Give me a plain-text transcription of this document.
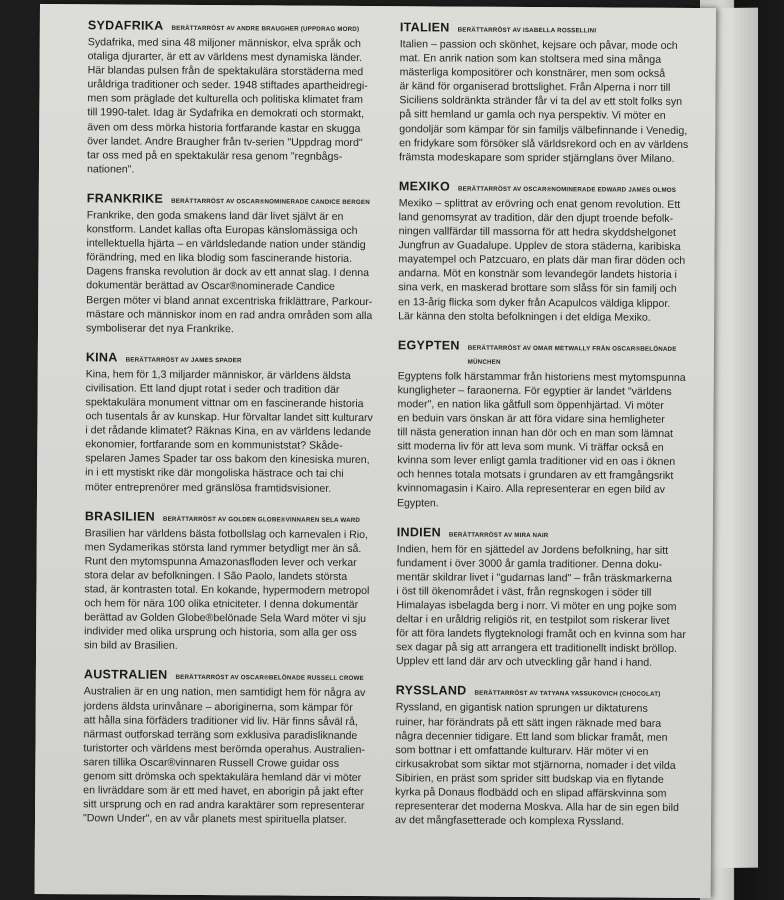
SYDAFRIKA BERÄTTARRÖST AV ANDRE BRAUGHER (UPPDRAG MORD)

Sydafrika, med sina 48 miljoner människor, elva språk och
otaliga djurarter, är ett av världens mest dynamiska länder.
Här blandas pulsen från de spektakulära storstäderna med
uråldriga traditioner och seder. 1948 stiftades apartheidregi-
men som präglade det kulturella och politiska klimatet fram
till 1990-talet. Idag är Sydafrika en demokrati och stormakt,
även om dess mörka historia fortfarande kastar en skugga
över landet. Andre Braugher från tv-serien "Uppdrag mord"
tar oss med på en spektakulär resa genom "regnbågs-
nationen".

FRANKRIKE BERÄTTARRÖST AV OSCAR®NOMINERADE CANDICE BERGEN

Frankrike, den goda smakens land där livet självt är en
konstform. Landet kallas ofta Europas känslomässiga och
intellektuella hjärta – en världsledande nation under ständig
förändring, med en lika blodig som fascinerande historia.
Dagens franska revolution är dock av ett annat slag. I denna
dokumentär berättad av Oscar®nominerade Candice
Bergen möter vi bland annat excentriska friklättrare, Parkour-
mästare och människor inom en rad andra områden som alla
symboliserar det nya Frankrike.

KINA BERÄTTARRÖST AV JAMES SPADER

Kina, hem för 1,3 miljarder människor, är världens äldsta
civilisation. Ett land djupt rotat i seder och tradition där
spektakulära monument vittnar om en fascinerande historia
och tusentals år av kunskap. Hur förvaltar landet sitt kulturarv
i det rådande klimatet? Räknas Kina, en av världens ledande
ekonomier, fortfarande som en kommuniststat? Skåde-
spelaren James Spader tar oss bakom den kinesiska muren,
in i ett mystiskt rike där mongoliska hästrace och tai chi
möter entreprenörer med gränslösa framtidsvisioner.

BRASILIEN BERÄTTARRÖST AV GOLDEN GLOBE®VINNAREN SELA WARD

Brasilien har världens bästa fotbollslag och karnevalen i Rio,
men Sydamerikas största land rymmer betydligt mer än så.
Runt den mytomspunna Amazonasfloden lever och verkar
stora delar av befolkningen. I São Paolo, landets största
stad, är kontrasten total. En kokande, hypermodern metropol
och hem för nära 100 olika etniciteter. I denna dokumentär
berättad av Golden Globe®belönade Sela Ward möter vi sju
individer med olika ursprung och historia, som alla ger oss
sin bild av Brasilien.

AUSTRALIEN BERÄTTARRÖST AV OSCAR®BELÖNADE RUSSELL CROWE

Australien är en ung nation, men samtidigt hem för några av
jordens äldsta urinvånare – aboriginerna, som kämpar för
att hålla sina förfäders traditioner vid liv. Här finns såväl rå,
närmast outforskad terräng som exklusiva paradisliknande
turistorter och världens mest berömda operahus. Australien-
saren tillika Oscar®vinnaren Russell Crowe guidar oss
genom sitt drömska och spektakulära hemland där vi möter
en livräddare som är ett med havet, en aborigin på jakt efter
sitt ursprung och en rad andra karaktärer som representerar
"Down Under", en av vår planets mest spirituella platser.

ITALIEN BERÄTTARRÖST AV ISABELLA ROSSELLINI

Italien – passion och skönhet, kejsare och påvar, mode och
mat. En anrik nation som kan stoltsera med sina många
mästerliga kompositörer och konstnärer, men som också
är känd för organiserad brottslighet. Från Alperna i norr till
Siciliens soldränkta stränder får vi ta del av ett stolt folks syn
på sitt hemland ur gamla och nya perspektiv. Vi möter en
gondoljär som kämpar för sin familjs välbefinnande i Venedig,
en fridykare som försöker slå världsrekord och en av världens
främsta modeskapare som sprider stjärnglans över Milano.

MEXIKO BERÄTTARRÖST AV OSCAR®NOMINERADE EDWARD JAMES OLMOS

Mexiko – splittrat av erövring och enat genom revolution. Ett
land genomsyrat av tradition, där den djupt troende befolk-
ningen vallfärdar till massorna för att hedra skyddshelgonet
Jungfrun av Guadalupe. Upplev de stora städerna, karibiska
mayatempel och Patzcuaro, en plats där man firar döden och
andarna. Möt en konstnär som levandegör landets historia i
sina verk, en maskerad brottare som slåss för sin familj och
en 13-årig flicka som dyker från Acapulcos väldiga klippor.
Lär känna den stolta befolkningen i det eldiga Mexiko.

EGYPTEN BERÄTTARRÖST AV OMAR METWALLY FRÅN OSCAR®BELÖNADE MÜNCHEN

Egyptens folk härstammar från historiens mest mytomspunna
kungligheter – faraonerna. För egyptier är landet "världens
moder", en nation lika gåtfull som öppenhjärtad. Vi möter
en beduin vars önskan är att föra vidare sina hemligheter
till nästa generation innan han dör och en man som lämnat
sitt moderna liv för att leva som munk. Vi träffar också en
kvinna som lever enligt gamla traditioner vid en oas i öknen
och hennes totala motsats i grundaren av ett framgångsrikt
kvinnomagasin i Kairo. Alla representerar en egen bild av
Egypten.

INDIEN BERÄTTARRÖST AV MIRA NAIR

Indien, hem för en sjättedel av Jordens befolkning, har sitt
fundament i över 3000 år gamla traditioner. Denna doku-
mentär skildrar livet i "gudarnas land" – från träskmarkerna
i öst till ökenområdet i väst, från regnskogen i söder till
Himalayas isbelagda berg i norr. Vi möter en ung pojke som
deltar i en uråldrig religiös rit, en testpilot som riskerar livet
för att föra landets flygteknologi framåt och en kvinna som har
sex dagar på sig att arrangera ett traditionellt indiskt bröllop.
Upplev ett land där arv och utveckling går hand i hand.

RYSSLAND BERÄTTARRÖST AV TATYANA YASSUKOVICH (CHOCOLAT)

Ryssland, en gigantisk nation sprungen ur diktaturens
ruiner, har förändrats på ett sätt ingen räknade med bara
några decennier tidigare. Ett land som blickar framåt, men
som bottnar i ett omfattande kulturarv. Här möter vi en
cirkusakrobat som siktar mot stjärnorna, nomader i det vilda
Sibirien, en präst som sprider sitt budskap via en flytande
kyrka på Donaus flodbädd och en slipad affärskvinna som
representerar det moderna Moskva. Alla har de sin egen bild
av det mångfasetterade och komplexa Ryssland.
